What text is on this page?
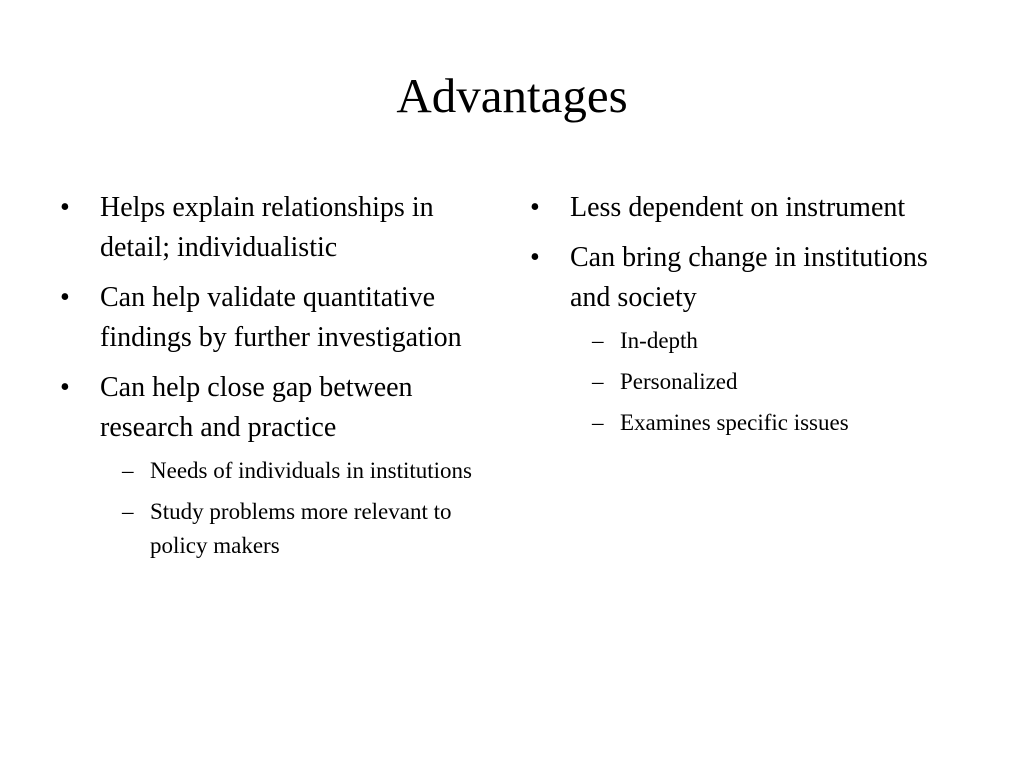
Advantages
• Helps explain relationships in detail; individualistic
• Can help validate quantitative findings by further investigation
• Can help close gap between research and practice
– Needs of individuals in institutions
– Study problems more relevant to policy makers
• Less dependent on instrument
• Can bring change in institutions and society
– In-depth
– Personalized
– Examines specific issues
